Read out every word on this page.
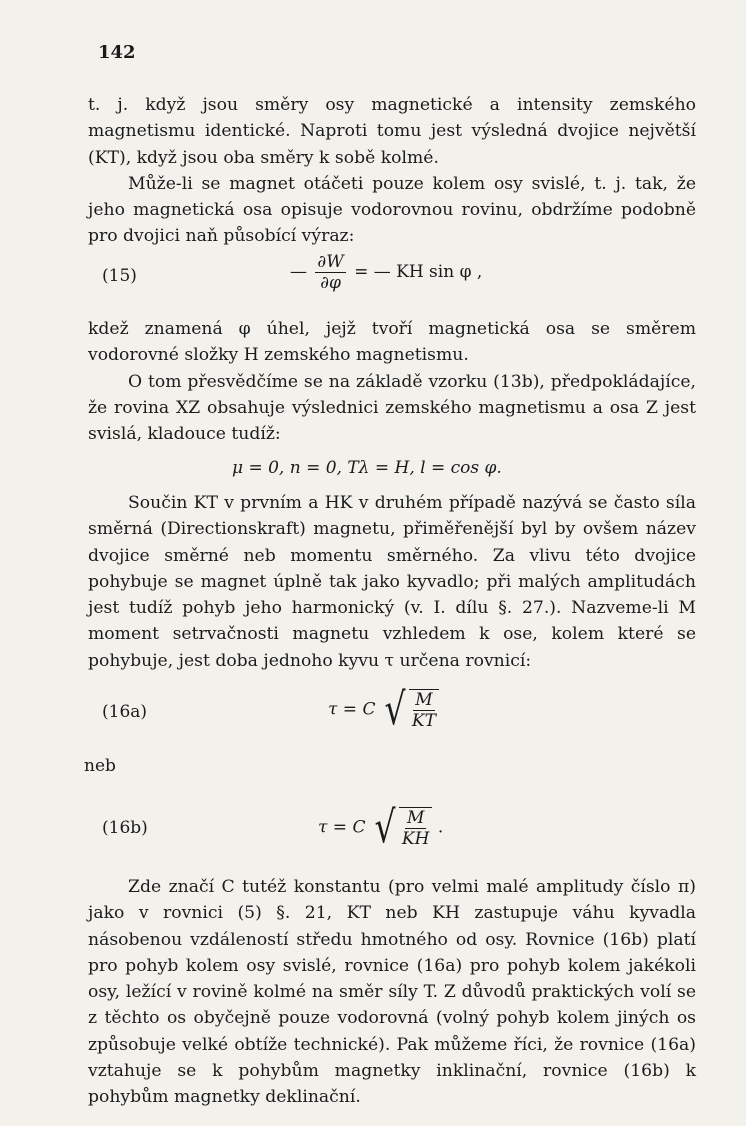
142

t. j. když jsou směry osy magnetické a intensity zemského magnetismu identické. Naproti tomu jest výsledná dvojice největší (KT), když jsou oba směry k sobě kolmé.

Může-li se magnet otáčeti pouze kolem osy svislé, t. j. tak, že jeho magnetická osa opisuje vodorovnou rovinu, obdržíme podobně pro dvojici naň působící výraz:

(15)	— $\frac{\partial W}{\partial\varphi}$ = — KH sin φ ,

kdež znamená φ úhel, jejž tvoří magnetická osa se směrem vodorovné složky H zemského magnetismu.

O tom přesvědčíme se na základě vzorku (13b), předpokládajíce, že rovina XZ obsahuje výslednici zemského magnetismu a osa Z jest svislá, kladouce tudíž:

μ = 0, n = 0, Tλ = H, l = cos φ.

Součin KT v prvním a HK v druhém případě nazývá se často síla směrná (Directionskraft) magnetu, přiměřenější byl by ovšem název dvojice směrné neb momentu směrného. Za vlivu této dvojice pohybuje se magnet úplně tak jako kyvadlo; při malých amplitudách jest tudíž pohyb jeho harmonický (v. I. dílu §. 27.). Nazveme-li M moment setrvačnosti magnetu vzhledem k ose, kolem které se pohybuje, jest doba jednoho kyvu τ určena rovnicí:

(16a)	τ = C √ $\frac{M}{KT}$
neb
(16b)	τ = C √ $\frac{M}{KH}$ .

Zde značí C tutéž konstantu (pro velmi malé amplitudy číslo π) jako v rovnici (5) §. 21, KT neb KH zastupuje váhu kyvadla násobenou vzdáleností středu hmotného od osy. Rovnice (16b) platí pro pohyb kolem osy svislé, rovnice (16a) pro pohyb kolem jakékoli osy, ležící v rovině kolmé na směr síly T. Z důvodů praktických volí se z těchto os obyčejně pouze vodorovná (volný pohyb kolem jiných os způsobuje velké obtíže technické). Pak můžeme říci, že rovnice (16a) vztahuje se k pohybům magnetky inklinační, rovnice (16b) k pohybům magnetky deklinační.
